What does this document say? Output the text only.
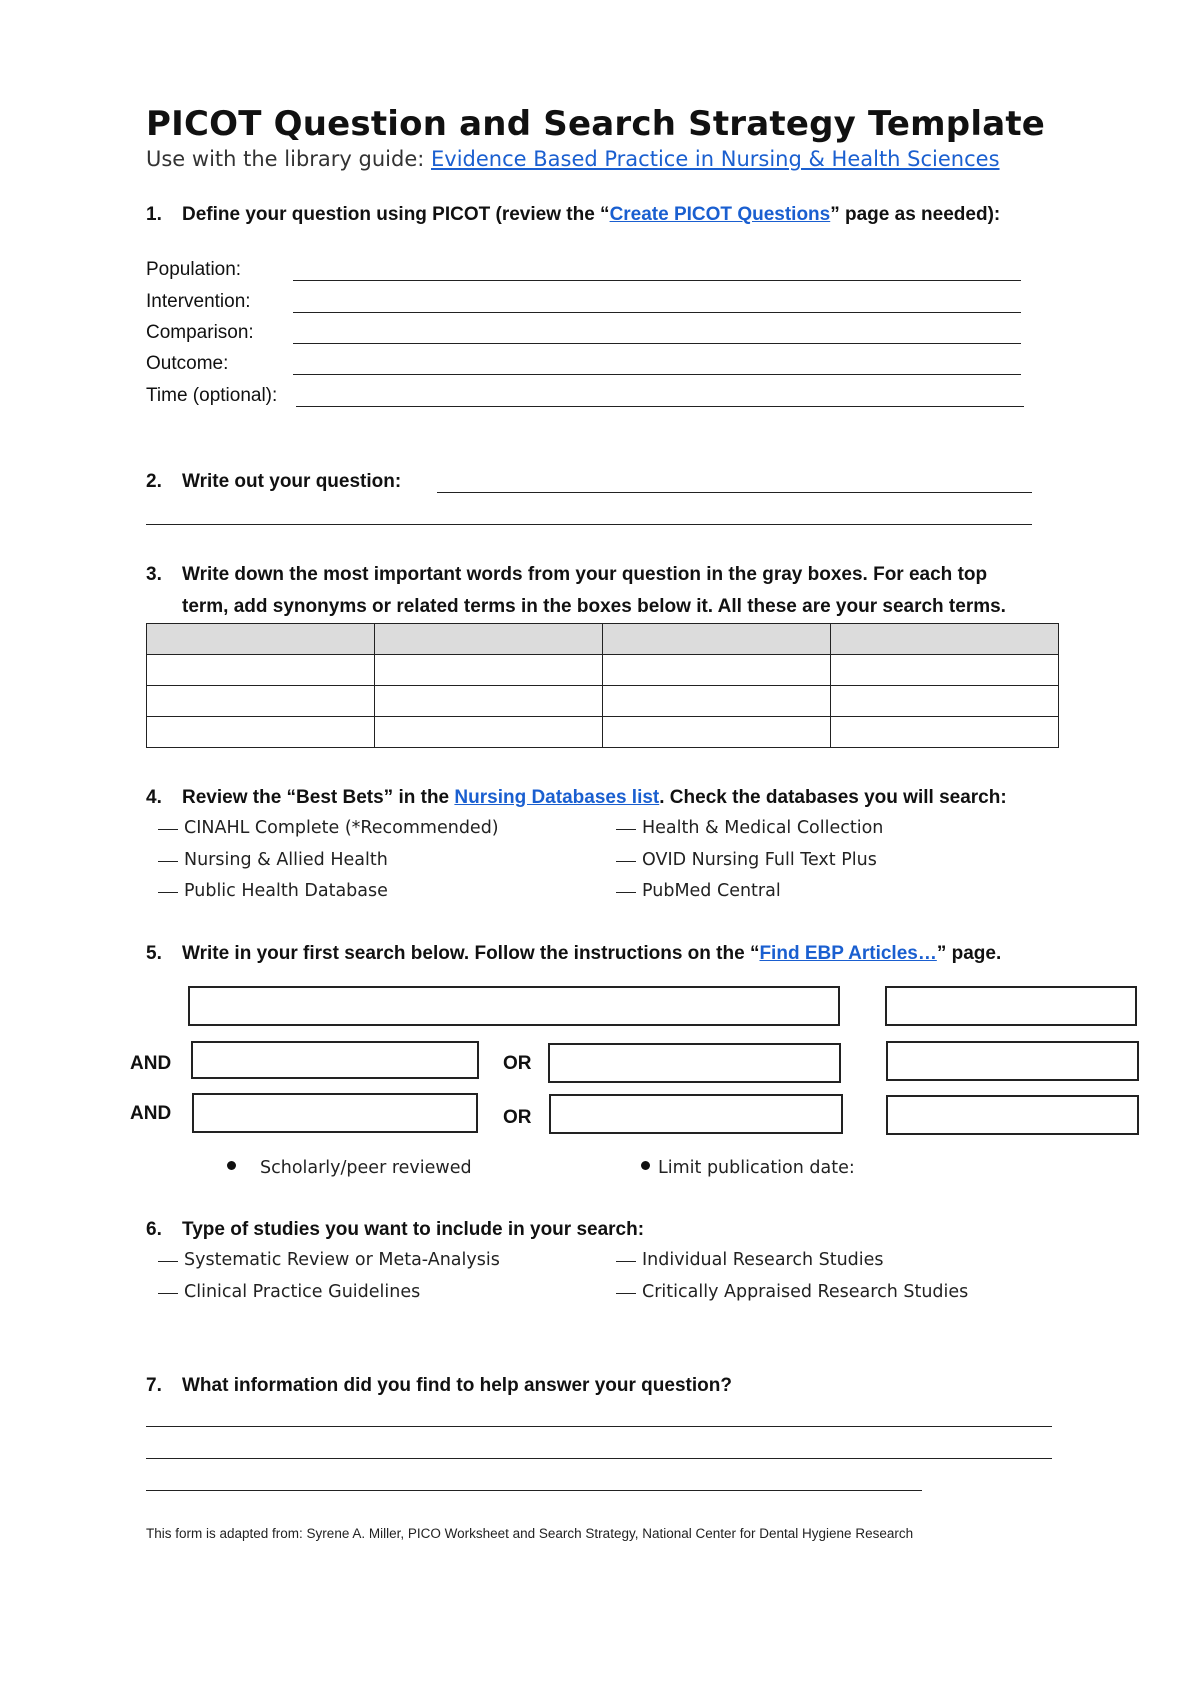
PICOT Question and Search Strategy Template
Use with the library guide: Evidence Based Practice in Nursing & Health Sciences
1. Define your question using PICOT (review the “Create PICOT Questions” page as needed):
Population:
Intervention:
Comparison:
Outcome:
Time (optional):
2. Write out your question:
3. Write down the most important words from your question in the gray boxes. For each top
term, add synonyms or related terms in the boxes below it. All these are your search terms.

4. Review the “Best Bets” in the Nursing Databases list. Check the databases you will search:
CINAHL Complete (*Recommended)
Nursing & Allied Health
Public Health Database
Health & Medical Collection
OVID Nursing Full Text Plus
PubMed Central
5. Write in your first search below. Follow the instructions on the “Find EBP Articles…” page.
AND	OR
AND	OR
Scholarly/peer reviewed	Limit publication date:
6. Type of studies you want to include in your search:
Systematic Review or Meta-Analysis
Clinical Practice Guidelines
Individual Research Studies
Critically Appraised Research Studies
7. What information did you find to help answer your question?
This form is adapted from: Syrene A. Miller, PICO Worksheet and Search Strategy, National Center for Dental Hygiene Research
